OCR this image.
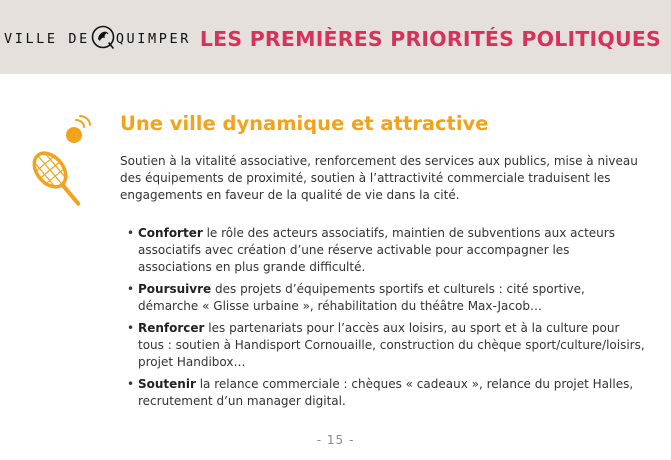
VILLE DE QUIMPER LES PREMIÈRES PRIORITÉS POLITIQUES
Une ville dynamique et attractive

Soutien à la vitalité associative, renforcement des services aux publics, mise à niveau des équipements de proximité, soutien à l’attractivité commerciale traduisent les engagements en faveur de la qualité de vie dans la cité.

• Conforter le rôle des acteurs associatifs, maintien de subventions aux acteurs associatifs avec création d’une réserve activable pour accompagner les associations en plus grande difficulté.
• Poursuivre des projets d’équipements sportifs et culturels : cité sportive, démarche « Glisse urbaine », réhabilitation du théâtre Max-Jacob…
• Renforcer les partenariats pour l’accès aux loisirs, au sport et à la culture pour tous : soutien à Handisport Cornouaille, construction du chèque sport/culture/loisirs, projet Handibox…
• Soutenir la relance commerciale : chèques « cadeaux », relance du projet Halles, recrutement d’un manager digital.
- 15 -
